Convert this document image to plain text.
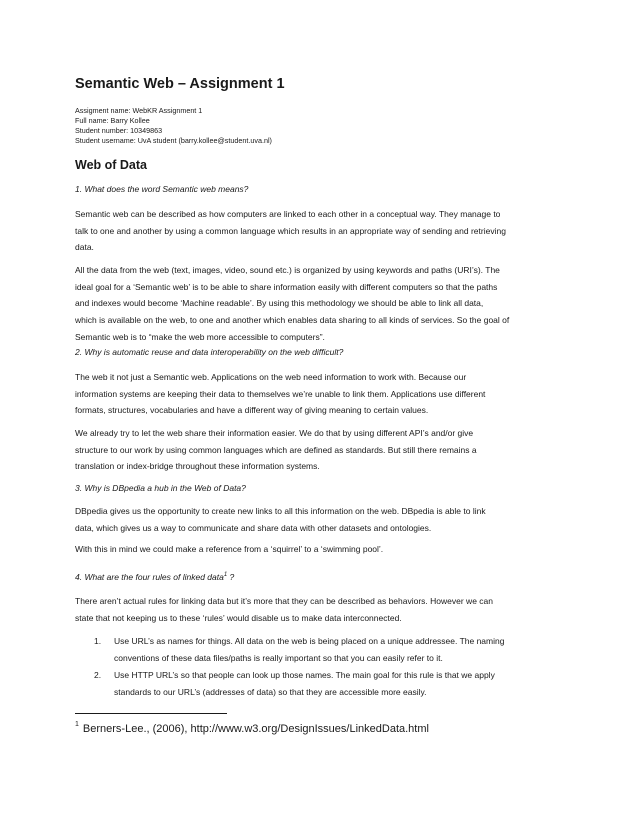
Semantic Web – Assignment 1
Assigment name: WebKR Assignment 1
Full name: Barry Kollee
Student number: 10349863
Student username: UvA student (barry.kollee@student.uva.nl)
Web of Data
1. What does the word Semantic web means?
Semantic web can be described as how computers are linked to each other in a conceptual way. They manage to
talk to one and another by using a common language which results in an appropriate way of sending and retrieving
data.
All the data from the web (text, images, video, sound etc.) is organized by using keywords and paths (URI’s). The
ideal goal for a ‘Semantic web’ is to be able to share information easily with different computers so that the paths
and indexes would become ‘Machine readable’. By using this methodology we should be able to link all data,
which is available on the web, to one and another which enables data sharing to all kinds of services. So the goal of
Semantic web is to “make the web more accessible to computers”.
2. Why is automatic reuse and data interoperability on the web difficult?
The web it not just a Semantic web. Applications on the web need information to work with. Because our
information systems are keeping their data to themselves we’re unable to link them. Applications use different
formats, structures, vocabularies and have a different way of giving meaning to certain values.
We already try to let the web share their information easier. We do that by using different API’s and/or give
structure to our work by using common languages which are defined as standards. But still there remains a
translation or index-bridge throughout these information systems.
3. Why is DBpedia a hub in the Web of Data?
DBpedia gives us the opportunity to create new links to all this information on the web. DBpedia is able to link
data, which gives us a way to communicate and share data with other datasets and ontologies.
With this in mind we could make a reference from a ‘squirrel’ to a ‘swimming pool’.
4. What are the four rules of linked data$^1$ ?
There aren’t actual rules for linking data but it’s more that they can be described as behaviors. However we can
state that not keeping us to these ‘rules’ would disable us to make data interconnected.
1.	Use URL’s as names for things. All data on the web is being placed on a unique addressee. The naming
conventions of these data files/paths is really important so that you can easily refer to it.
2.	Use HTTP URL’s so that people can look up those names. The main goal for this rule is that we apply
standards to our URL’s (addresses of data) so that they are accessible more easily.
$^1$ Berners-Lee., (2006), http://www.w3.org/DesignIssues/LinkedData.html
